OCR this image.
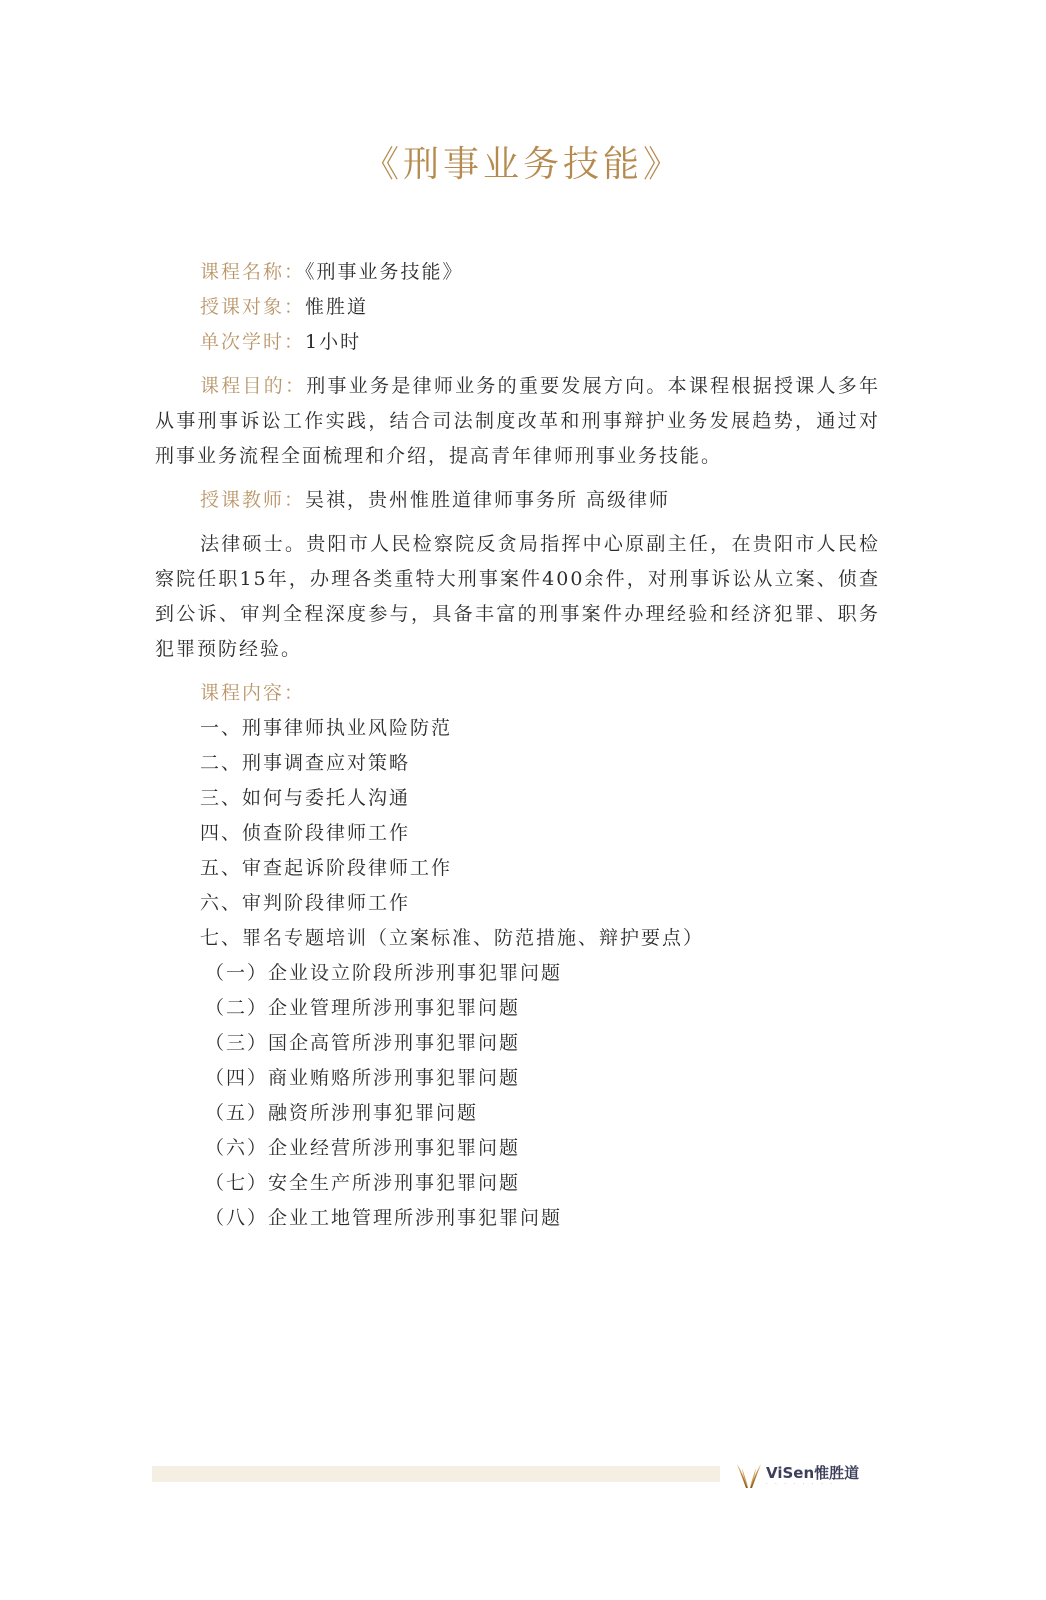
《刑事业务技能》
课程名称：《刑事业务技能》
授课对象：惟胜道
单次学时：1小时
课程目的：刑事业务是律师业务的重要发展方向。本课程根据授课人多年从事刑事诉讼工作实践，结合司法制度改革和刑事辩护业务发展趋势，通过对刑事业务流程全面梳理和介绍，提高青年律师刑事业务技能。
授课教师：吴祺，贵州惟胜道律师事务所 高级律师
法律硕士。贵阳市人民检察院反贪局指挥中心原副主任，在贵阳市人民检察院任职15年，办理各类重特大刑事案件400余件，对刑事诉讼从立案、侦查到公诉、审判全程深度参与，具备丰富的刑事案件办理经验和经济犯罪、职务犯罪预防经验。
课程内容：
一、刑事律师执业风险防范
二、刑事调查应对策略
三、如何与委托人沟通
四、侦查阶段律师工作
五、审查起诉阶段律师工作
六、审判阶段律师工作
七、罪名专题培训（立案标准、防范措施、辩护要点）
（一）企业设立阶段所涉刑事犯罪问题
（二）企业管理所涉刑事犯罪问题
（三）国企高管所涉刑事犯罪问题
（四）商业贿赂所涉刑事犯罪问题
（五）融资所涉刑事犯罪问题
（六）企业经营所涉刑事犯罪问题
（七）安全生产所涉刑事犯罪问题
（八）企业工地管理所涉刑事犯罪问题
ViSen惟胜道
· · · · · · · ·
